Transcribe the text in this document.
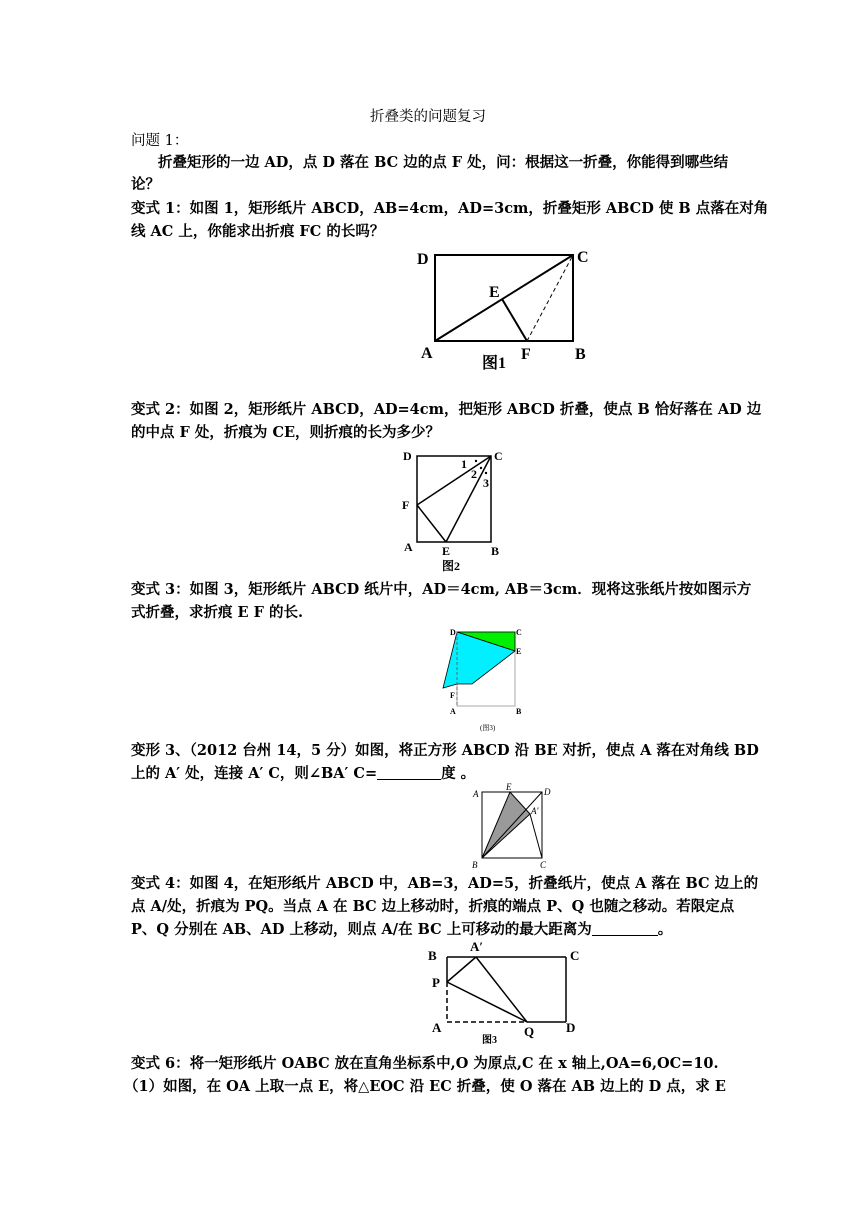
折叠类的问题复习
问题 1：
折叠矩形的一边 AD，点 D 落在 BC 边的点 F 处，问：根据这一折叠，你能得到哪些结
论？
变式 1：如图 1，矩形纸片 ABCD，AB=4cm，AD=3cm，折叠矩形 ABCD 使 B 点落在对角
线 AC 上，你能求出折痕 FC 的长吗？
D	C
E
A	F	B
图1
变式 2：如图 2，矩形纸片 ABCD，AD=4cm，把矩形 ABCD 折叠，使点 B 恰好落在 AD 边
的中点 F 处，折痕为 CE，则折痕的长为多少？
D	C
1
2
3
F
A E	B
图2
变式 3：如图 3，矩形纸片 ABCD 纸片中，AD＝4cm, AB＝3cm．现将这张纸片按如图示方
式折叠，求折痕 E F 的长.
D	C
E
F
A	B
(图3)
变形 3、（2012 台州 14，5 分）如图，将正方形 ABCD 沿 BE 对折，使点 A 落在对角线 BD
上的 A′ 处，连接 A′ C，则∠BA′ C=	度 。
A
E	D
A'
B	C
变式 4：如图 4，在矩形纸片 ABCD 中，AB=3，AD=5，折叠纸片，使点 A 落在 BC 边上的
点 A/处，折痕为 PQ。当点 A 在 BC 边上移动时，折痕的端点 P、Q 也随之移动。若限定点
P、Q 分别在 AB、AD 上移动，则点 A/在 BC 上可移动的最大距离为	。
B
A′
C
P
A	Q D
图3
变式 6：将一矩形纸片 OABC 放在直角坐标系中,O 为原点,C 在 x 轴上,OA=6,OC=10.
（1）如图，在 OA 上取一点 E，将△EOC 沿 EC 折叠，使 O 落在 AB 边上的 D 点，求 E
